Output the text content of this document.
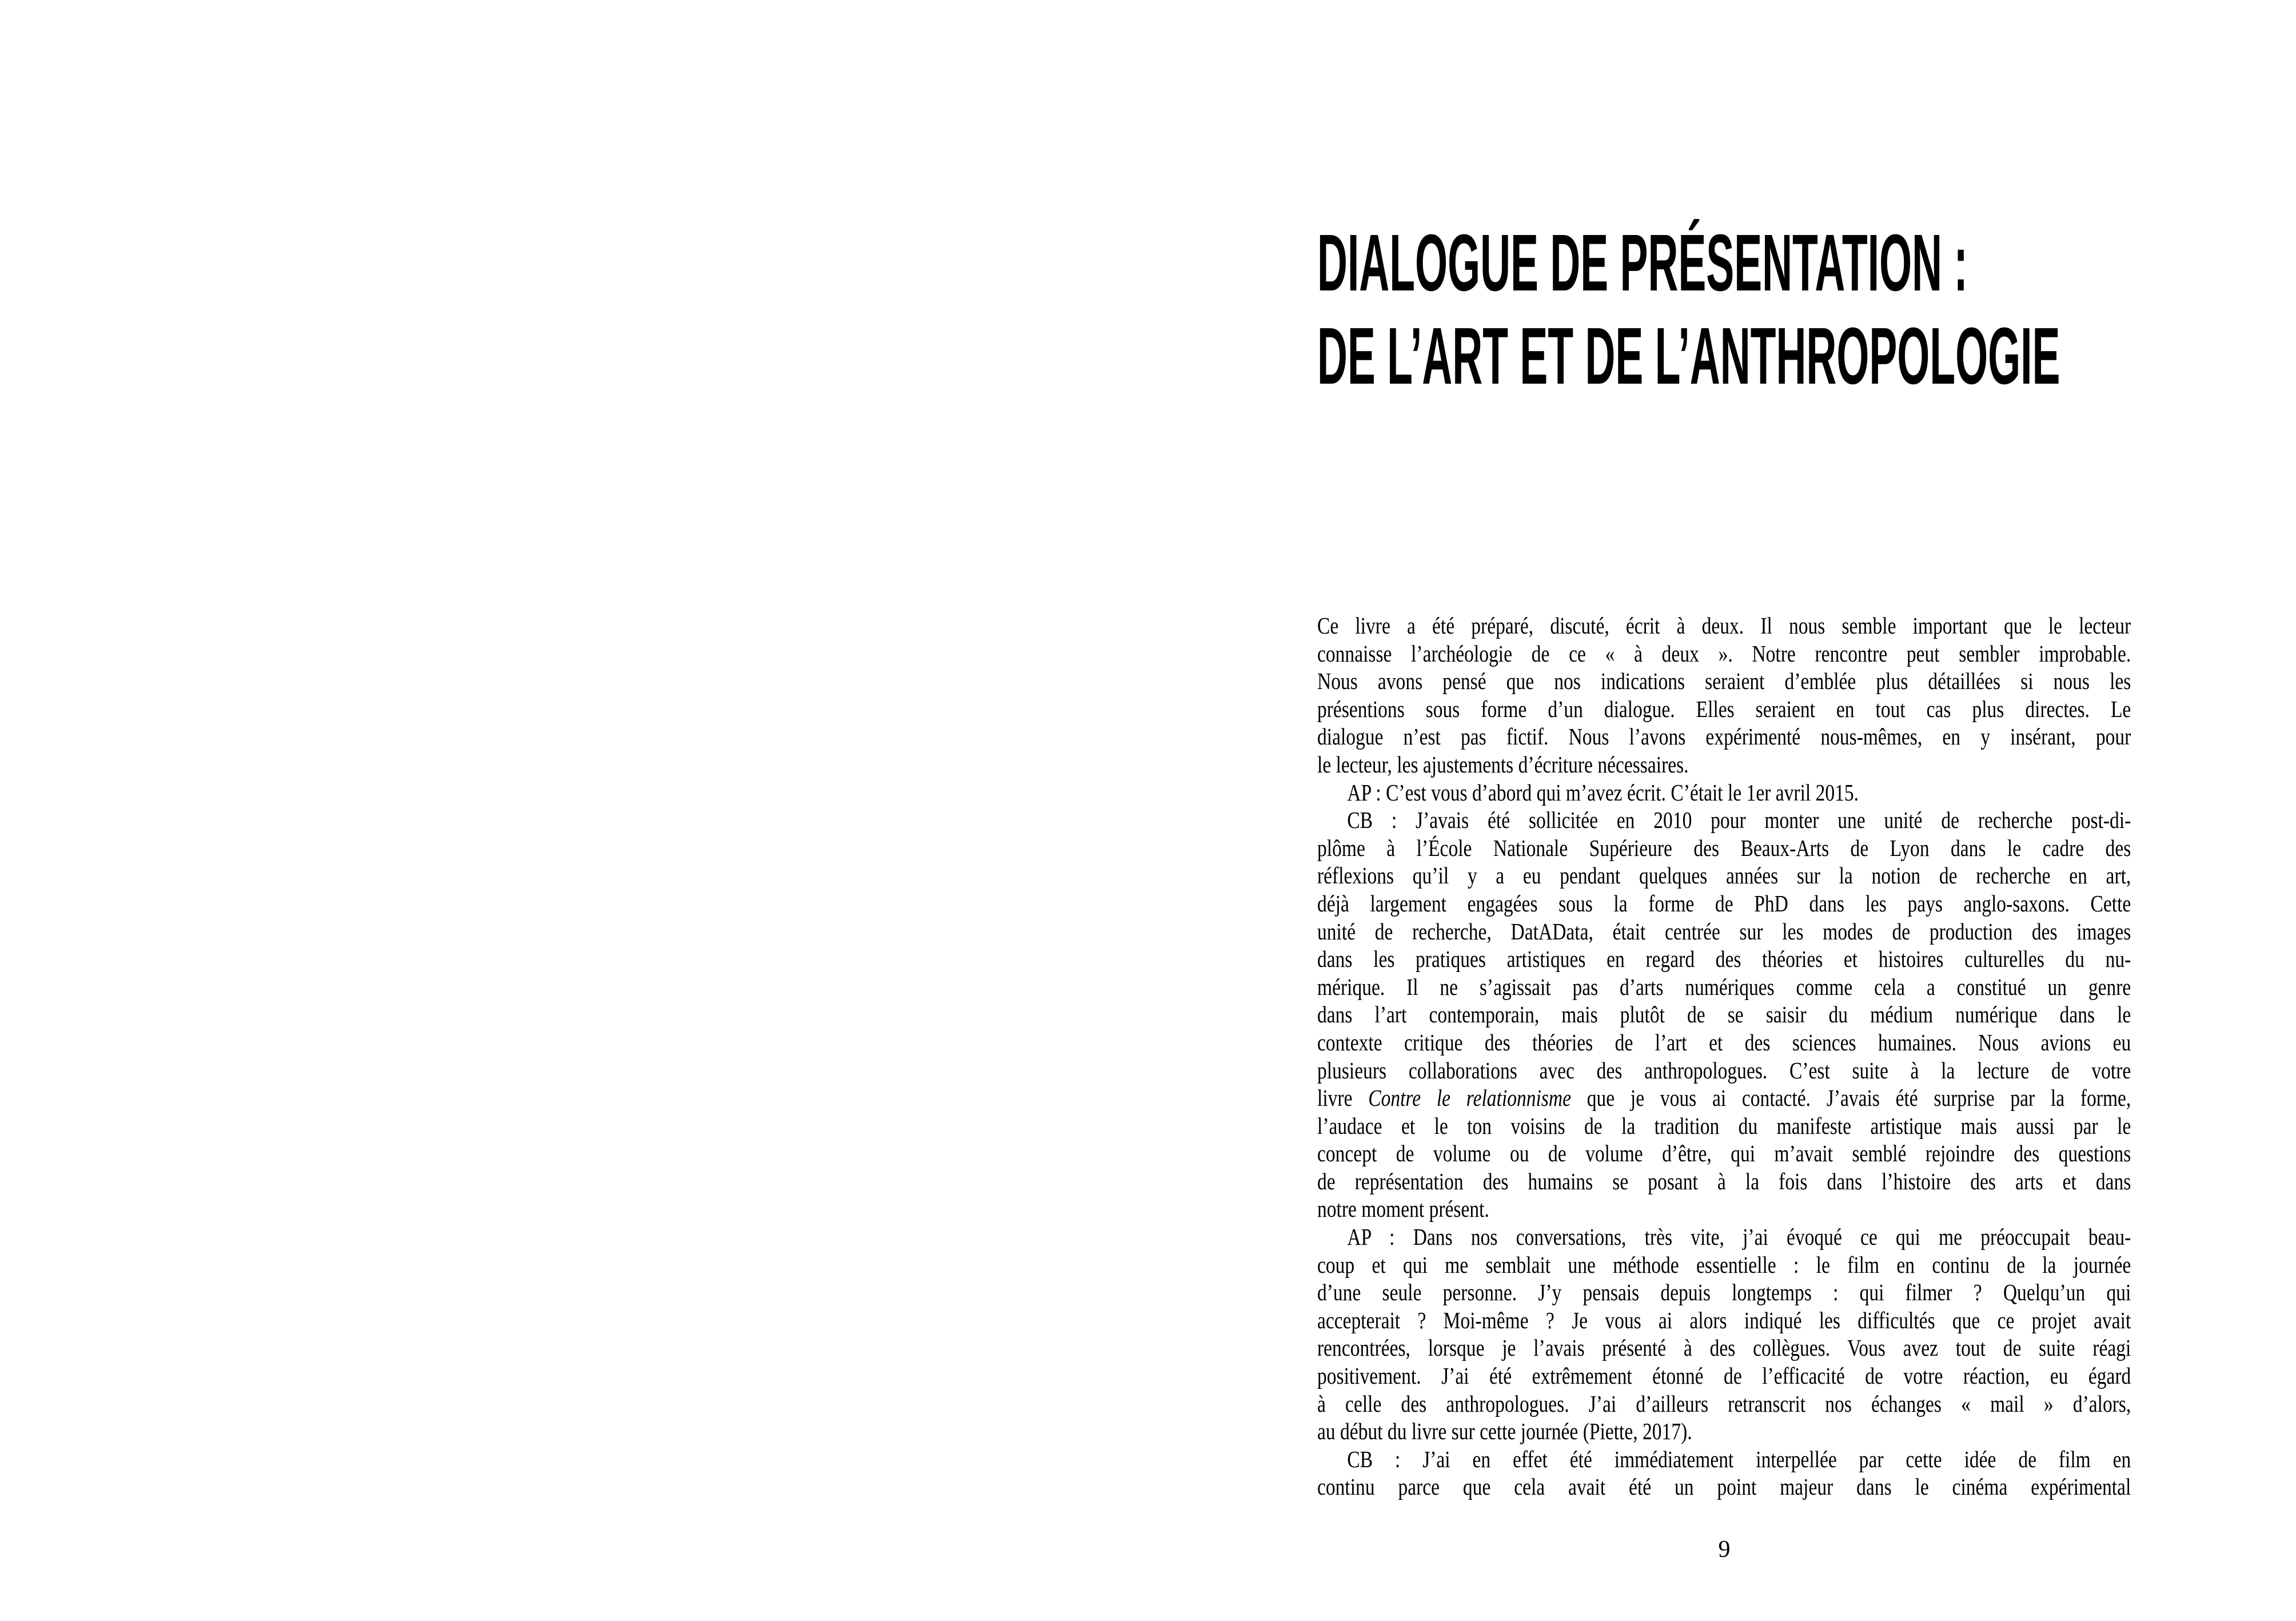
DIALOGUE DE PRÉSENTATION :
DE L’ART ET DE L’ANTHROPOLOGIE
Ce livre a été préparé, discuté, écrit à deux. Il nous semble important que le lecteur
connaisse l’archéologie de ce « à deux ». Notre rencontre peut sembler improbable.
Nous avons pensé que nos indications seraient d’emblée plus détaillées si nous les
présentions sous forme d’un dialogue. Elles seraient en tout cas plus directes. Le
dialogue n’est pas fictif. Nous l’avons expérimenté nous-mêmes, en y insérant, pour
le lecteur, les ajustements d’écriture nécessaires.
AP : C’est vous d’abord qui m’avez écrit. C’était le 1er avril 2015.
CB : J’avais été sollicitée en 2010 pour monter une unité de recherche post-di-
plôme à l’École Nationale Supérieure des Beaux-Arts de Lyon dans le cadre des
réflexions qu’il y a eu pendant quelques années sur la notion de recherche en art,
déjà largement engagées sous la forme de PhD dans les pays anglo-saxons. Cette
unité de recherche, DatAData, était centrée sur les modes de production des images
dans les pratiques artistiques en regard des théories et histoires culturelles du nu-
mérique. Il ne s’agissait pas d’arts numériques comme cela a constitué un genre
dans l’art contemporain, mais plutôt de se saisir du médium numérique dans le
contexte critique des théories de l’art et des sciences humaines. Nous avions eu
plusieurs collaborations avec des anthropologues. C’est suite à la lecture de votre
livre Contre le relationnisme que je vous ai contacté. J’avais été surprise par la forme,
l’audace et le ton voisins de la tradition du manifeste artistique mais aussi par le
concept de volume ou de volume d’être, qui m’avait semblé rejoindre des questions
de représentation des humains se posant à la fois dans l’histoire des arts et dans
notre moment présent.
AP : Dans nos conversations, très vite, j’ai évoqué ce qui me préoccupait beau-
coup et qui me semblait une méthode essentielle : le film en continu de la journée
d’une seule personne. J’y pensais depuis longtemps : qui filmer ? Quelqu’un qui
accepterait ? Moi-même ? Je vous ai alors indiqué les difficultés que ce projet avait
rencontrées, lorsque je l’avais présenté à des collègues. Vous avez tout de suite réagi
positivement. J’ai été extrêmement étonné de l’efficacité de votre réaction, eu égard
à celle des anthropologues. J’ai d’ailleurs retranscrit nos échanges « mail » d’alors,
au début du livre sur cette journée (Piette, 2017).
CB : J’ai en effet été immédiatement interpellée par cette idée de film en
continu parce que cela avait été un point majeur dans le cinéma expérimental
9
